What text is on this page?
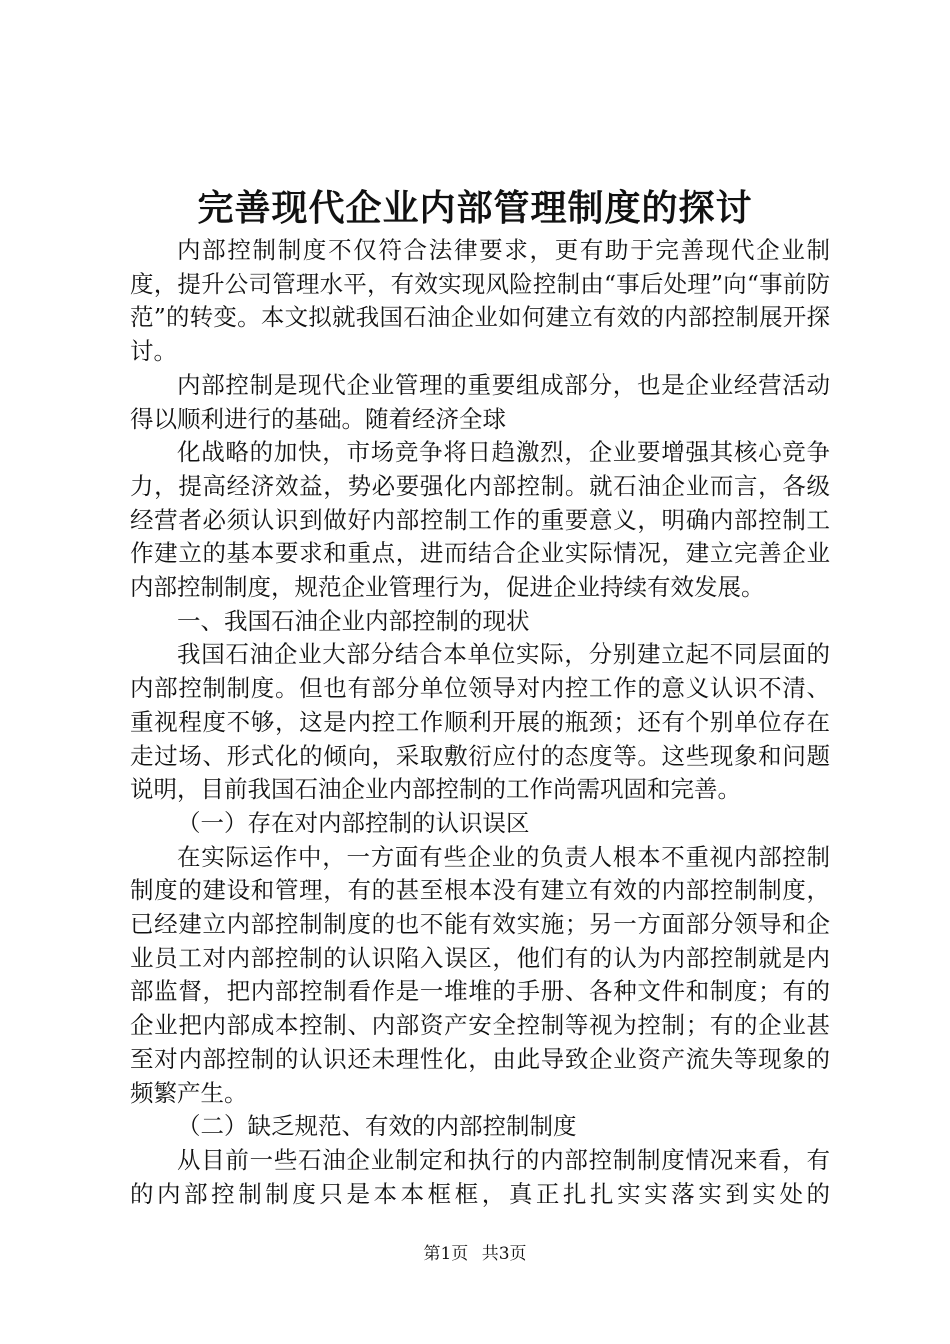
完善现代企业内部管理制度的探讨

内部控制制度不仅符合法律要求，更有助于完善现代企业制度，提升公司管理水平，有效实现风险控制由“事后处理”向“事前防范”的转变。本文拟就我国石油企业如何建立有效的内部控制展开探讨。

内部控制是现代企业管理的重要组成部分，也是企业经营活动得以顺利进行的基础。随着经济全球

化战略的加快，市场竞争将日趋激烈，企业要增强其核心竞争力，提高经济效益，势必要强化内部控制。就石油企业而言，各级经营者必须认识到做好内部控制工作的重要意义，明确内部控制工作建立的基本要求和重点，进而结合企业实际情况，建立完善企业内部控制制度，规范企业管理行为，促进企业持续有效发展。

一、我国石油企业内部控制的现状

我国石油企业大部分结合本单位实际，分别建立起不同层面的内部控制制度。但也有部分单位领导对内控工作的意义认识不清、重视程度不够，这是内控工作顺利开展的瓶颈；还有个别单位存在走过场、形式化的倾向，采取敷衍应付的态度等。这些现象和问题说明，目前我国石油企业内部控制的工作尚需巩固和完善。

（一）存在对内部控制的认识误区

在实际运作中，一方面有些企业的负责人根本不重视内部控制制度的建设和管理，有的甚至根本没有建立有效的内部控制制度，已经建立内部控制制度的也不能有效实施；另一方面部分领导和企业员工对内部控制的认识陷入误区，他们有的认为内部控制就是内部监督，把内部控制看作是一堆堆的手册、各种文件和制度；有的企业把内部成本控制、内部资产安全控制等视为控制；有的企业甚至对内部控制的认识还未理性化，由此导致企业资产流失等现象的频繁产生。

（二）缺乏规范、有效的内部控制制度

从目前一些石油企业制定和执行的内部控制制度情况来看，有的内部控制制度只是本本框框，真正扎扎实实落实到实处的

第1页 共3页
